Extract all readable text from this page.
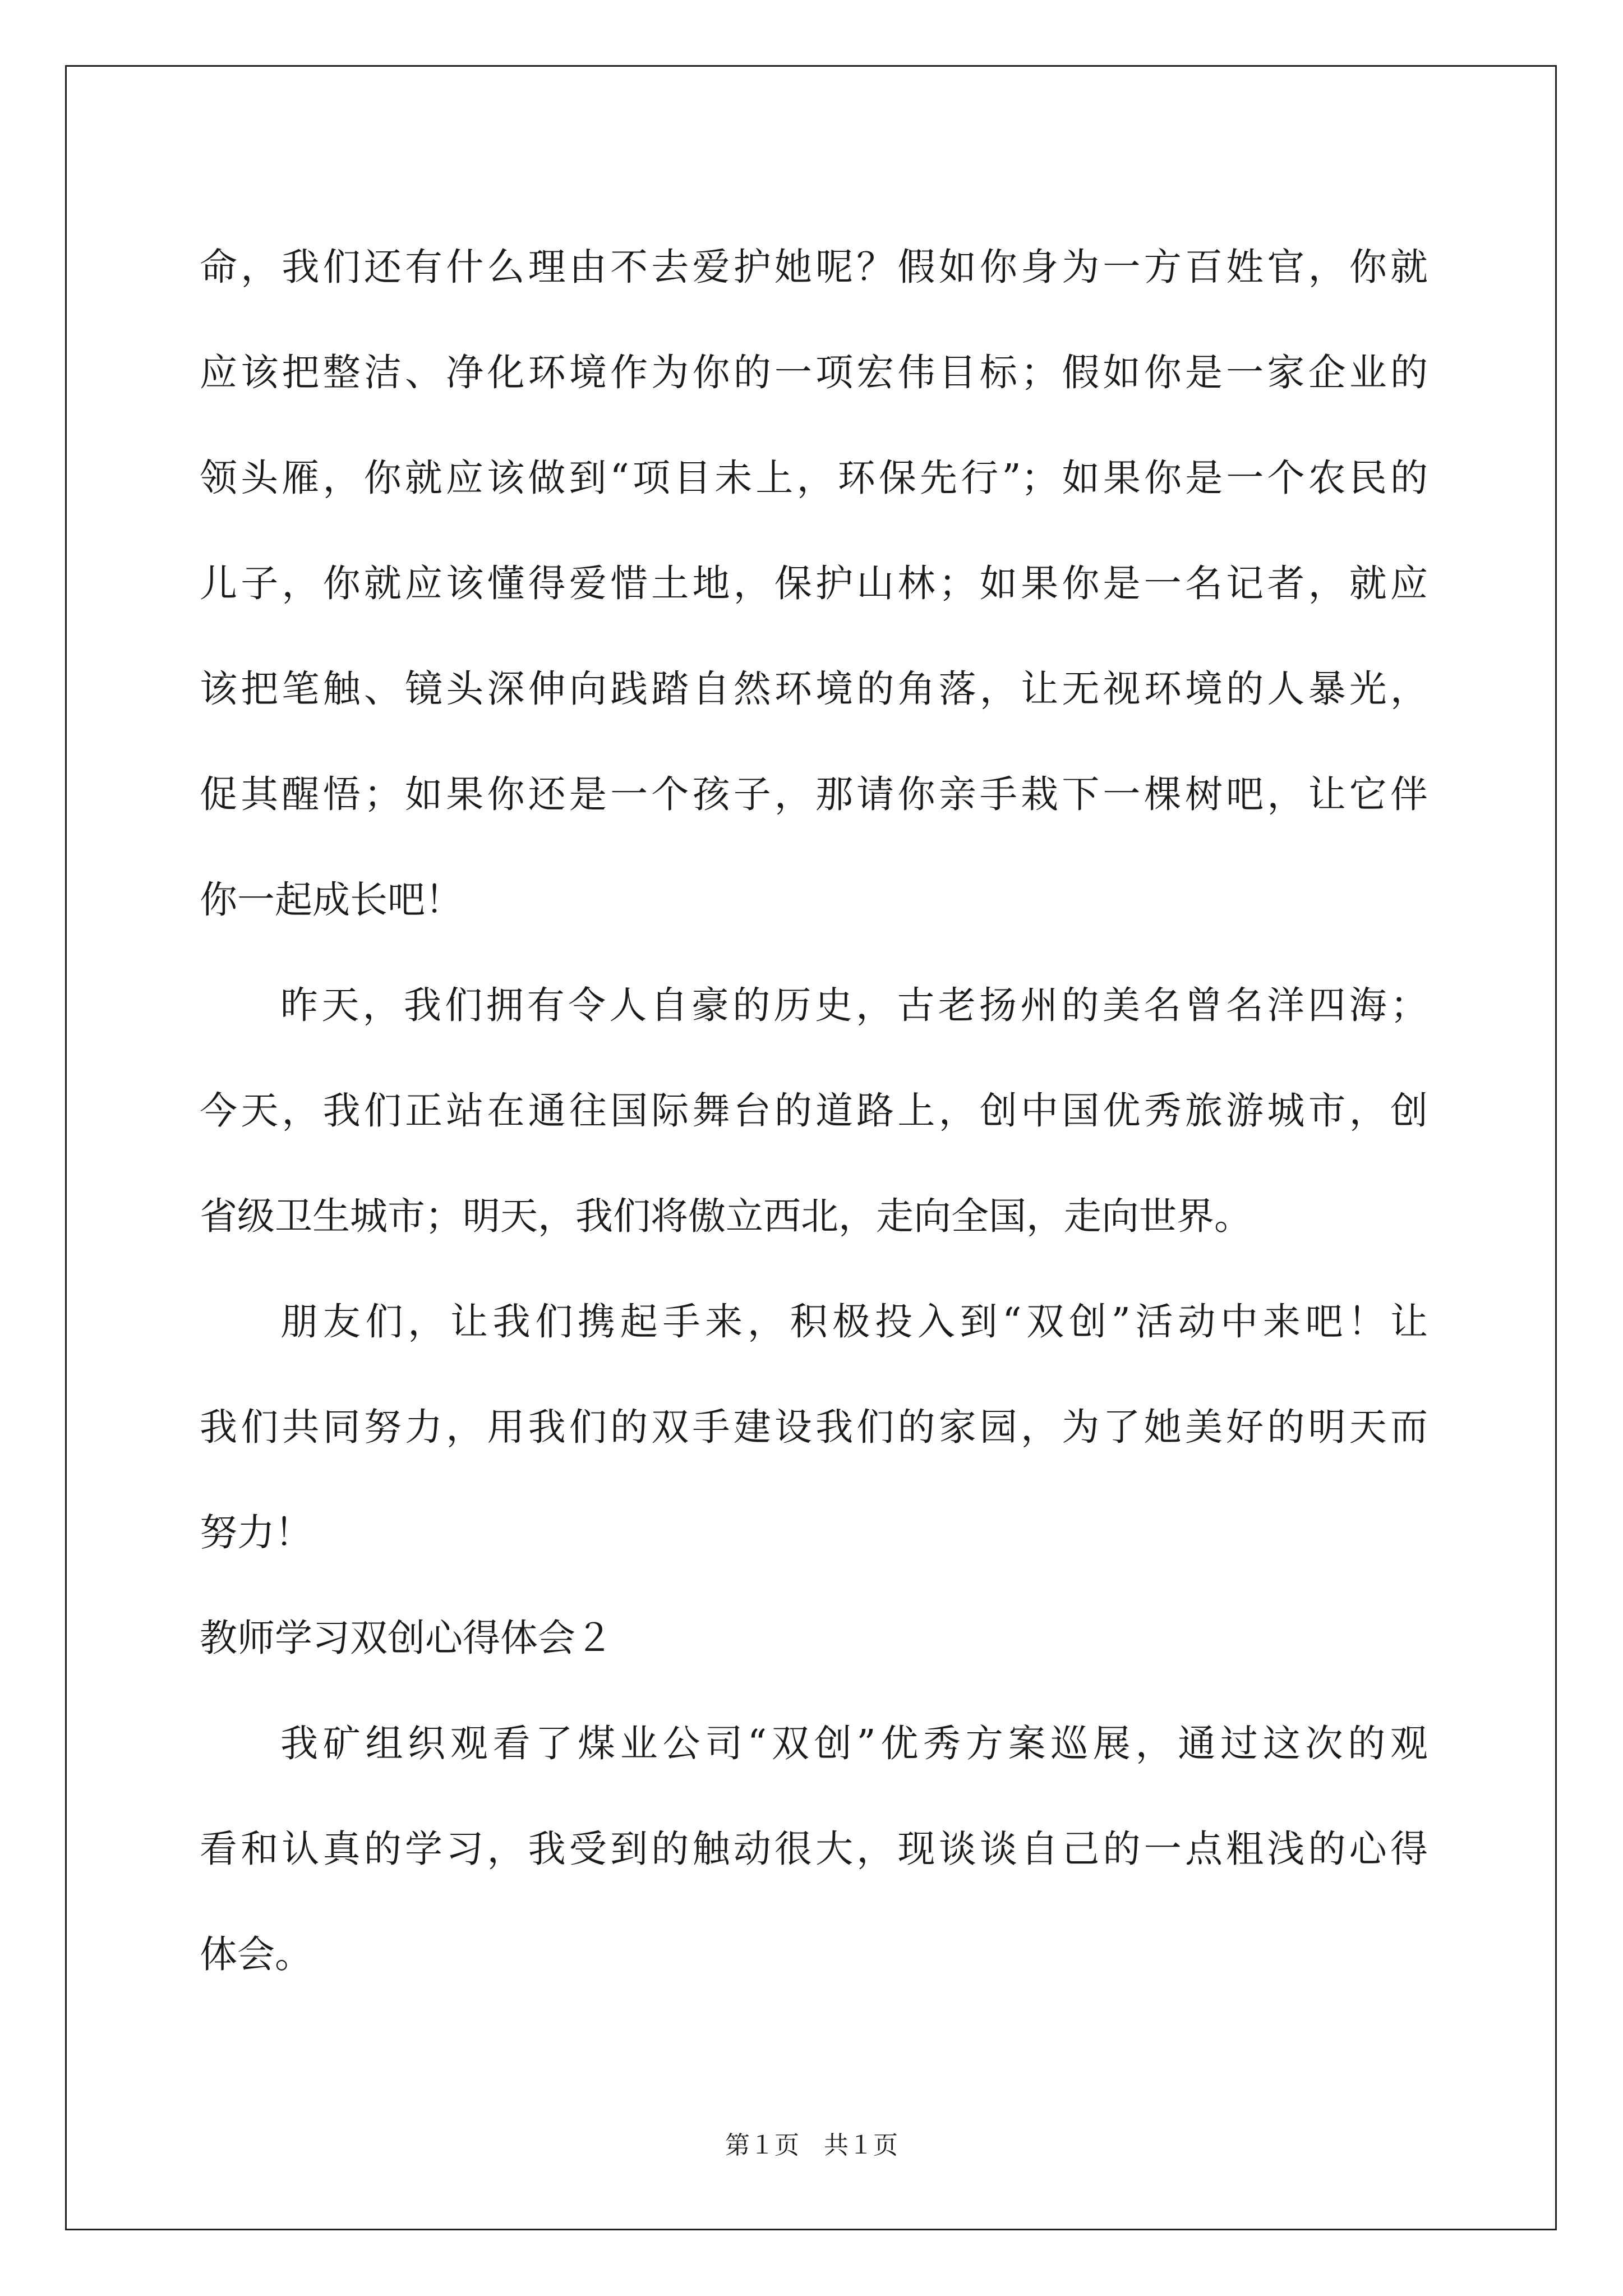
命，我们还有什么理由不去爱护她呢？假如你身为一方百姓官，你就
应该把整洁、净化环境作为你的一项宏伟目标；假如你是一家企业的
领头雁，你就应该做到“项目未上，环保先行”；如果你是一个农民的
儿子，你就应该懂得爱惜土地，保护山林；如果你是一名记者，就应
该把笔触、镜头深伸向践踏自然环境的角落，让无视环境的人暴光，
促其醒悟；如果你还是一个孩子，那请你亲手栽下一棵树吧，让它伴
你一起成长吧！
昨天，我们拥有令人自豪的历史，古老扬州的美名曾名洋四海；
今天，我们正站在通往国际舞台的道路上，创中国优秀旅游城市，创
省级卫生城市；明天，我们将傲立西北，走向全国，走向世界。
朋友们，让我们携起手来，积极投入到“双创”活动中来吧！让
我们共同努力，用我们的双手建设我们的家园，为了她美好的明天而
努力！
教师学习双创心得体会２
我矿组织观看了煤业公司“双创”优秀方案巡展，通过这次的观
看和认真的学习，我受到的触动很大，现谈谈自己的一点粗浅的心得
体会。
第１页　共１页
